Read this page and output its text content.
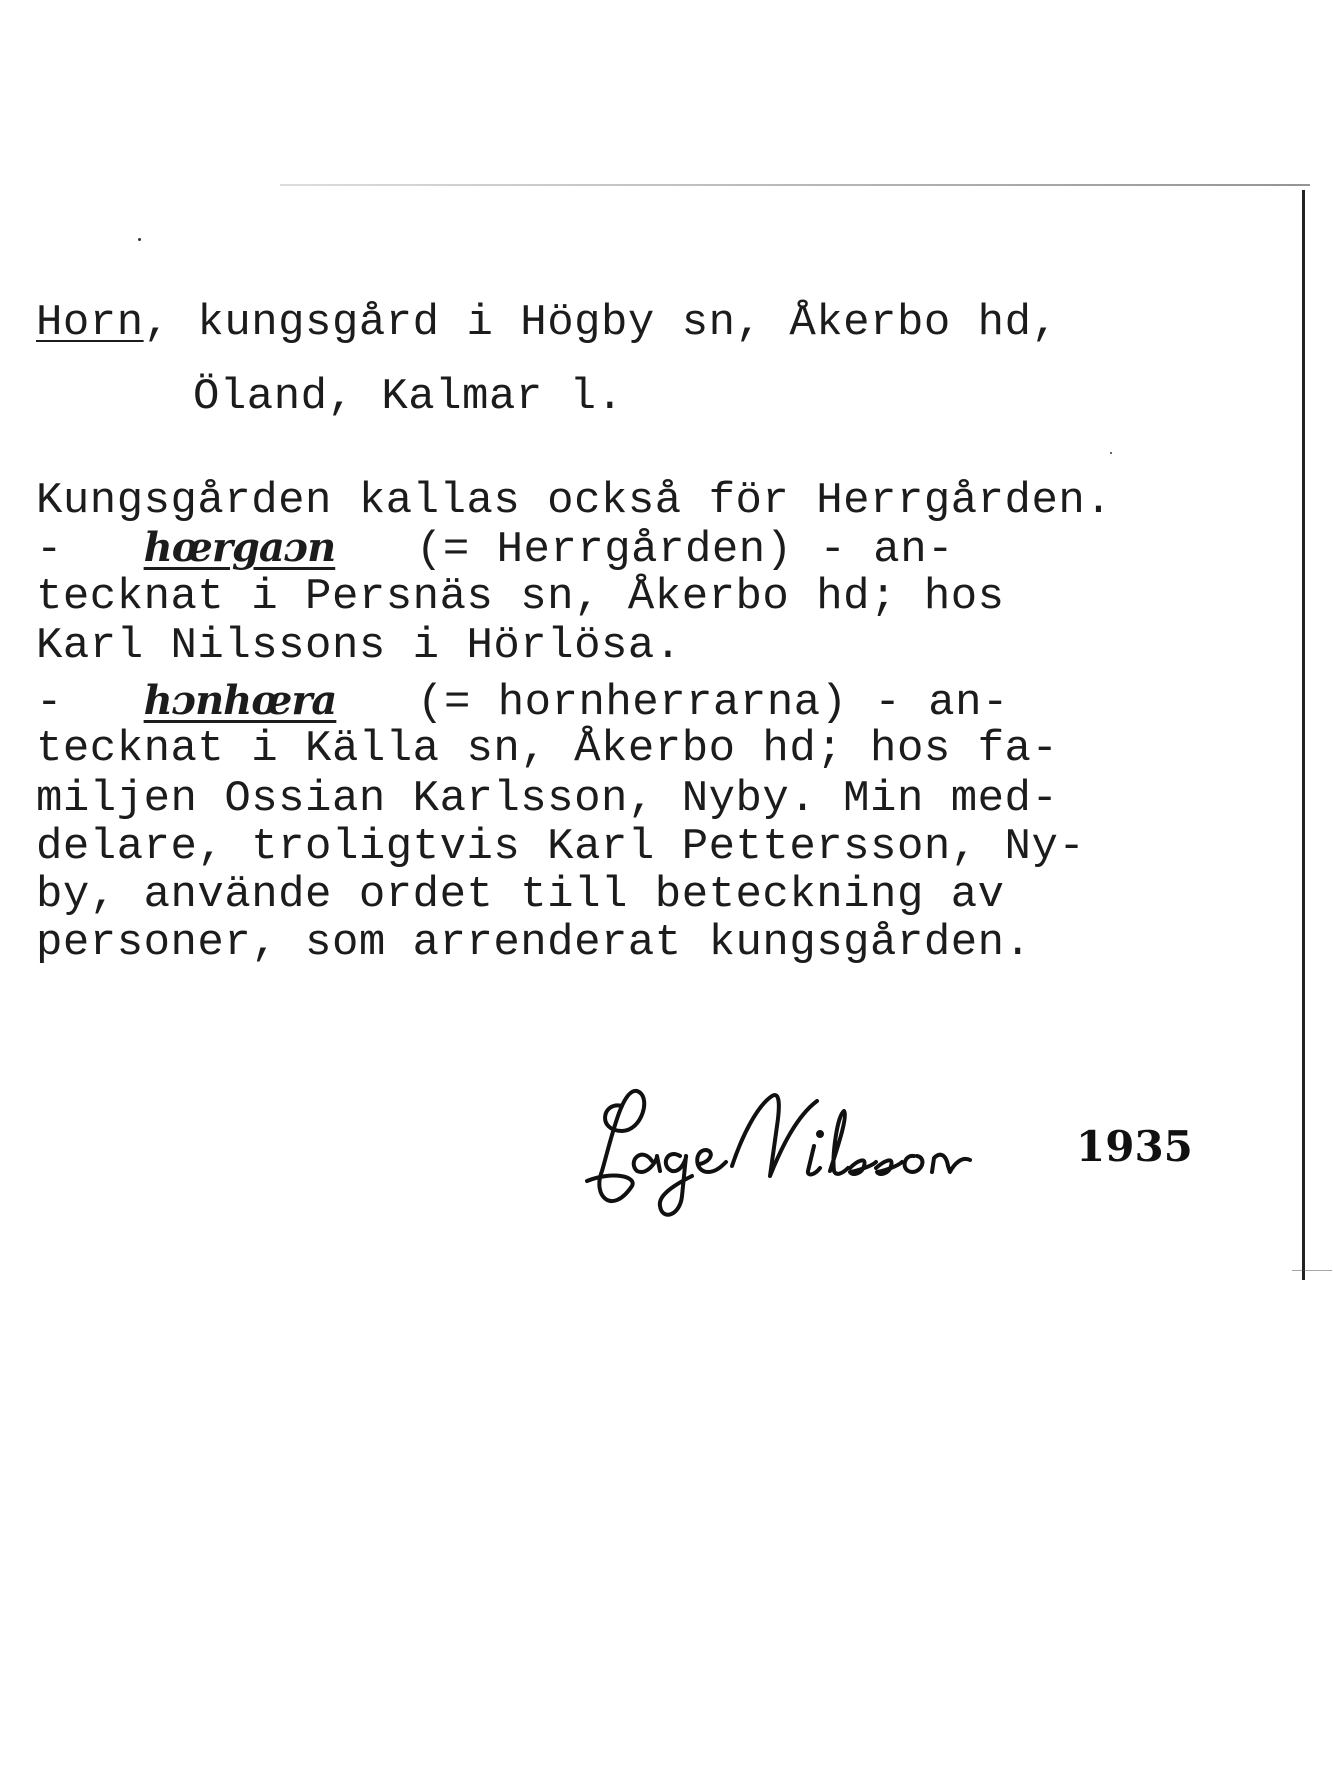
Horn, kungsgård i Högby sn, Åkerbo hd,
Öland, Kalmar l.
Kungsgården kallas också för Herrgården.
- hœrgaɔn (= Herrgården) - an-
tecknat i Persnäs sn, Åkerbo hd; hos
Karl Nilssons i Hörlösa.
- hɔnhœra (= hornherrarna) - an-
tecknat i Källa sn, Åkerbo hd; hos fa-
miljen Ossian Karlsson, Nyby. Min med-
delare, troligtvis Karl Pettersson, Ny-
by, använde ordet till beteckning av
personer, som arrenderat kungsgården.
1935
